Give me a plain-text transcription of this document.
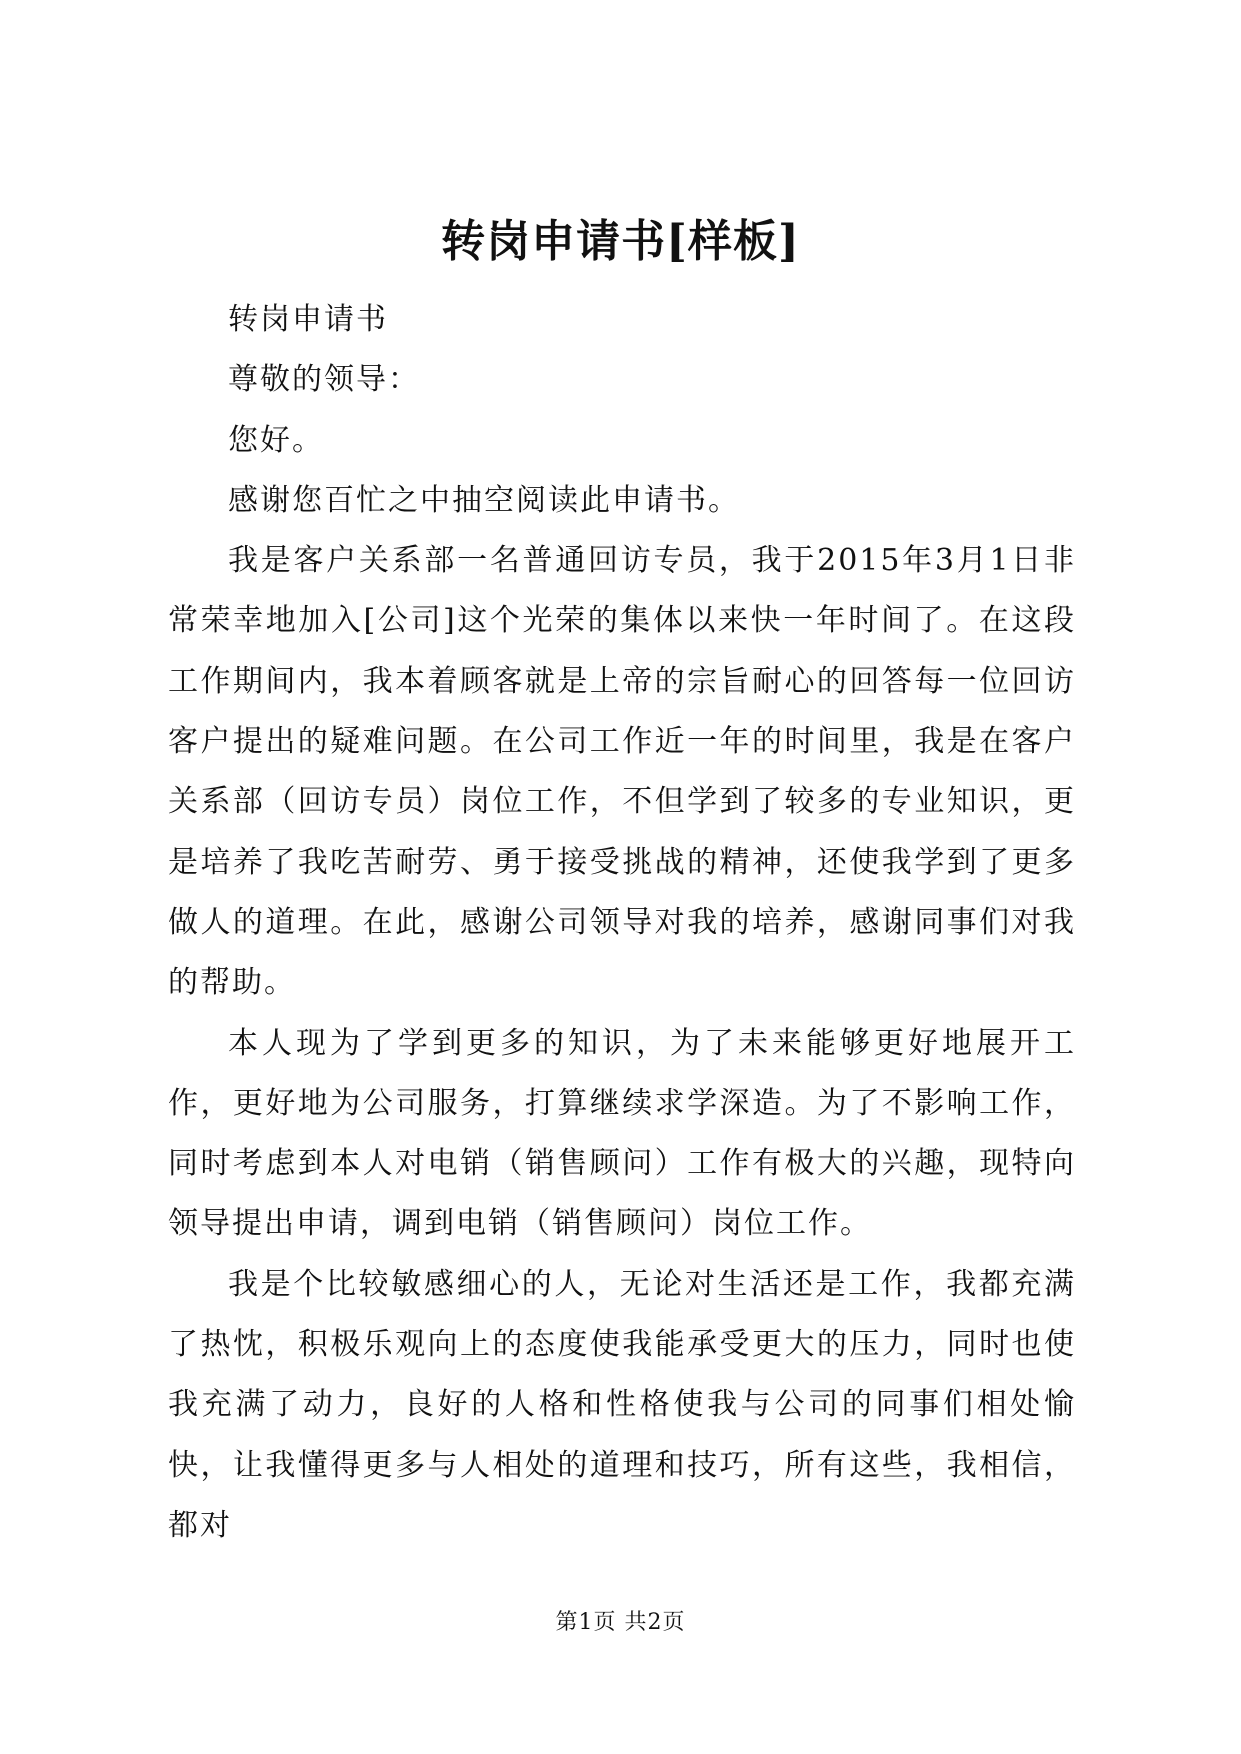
转岗申请书[样板]

转岗申请书

尊敬的领导：

您好。

感谢您百忙之中抽空阅读此申请书。

我是客户关系部一名普通回访专员，我于2015年3月1日非常荣幸地加入[公司]这个光荣的集体以来快一年时间了。在这段工作期间内，我本着顾客就是上帝的宗旨耐心的回答每一位回访客户提出的疑难问题。在公司工作近一年的时间里，我是在客户关系部（回访专员）岗位工作，不但学到了较多的专业知识，更是培养了我吃苦耐劳、勇于接受挑战的精神，还使我学到了更多做人的道理。在此，感谢公司领导对我的培养，感谢同事们对我的帮助。

本人现为了学到更多的知识，为了未来能够更好地展开工作，更好地为公司服务，打算继续求学深造。为了不影响工作，同时考虑到本人对电销（销售顾问）工作有极大的兴趣，现特向领导提出申请，调到电销（销售顾问）岗位工作。

我是个比较敏感细心的人，无论对生活还是工作，我都充满了热忱，积极乐观向上的态度使我能承受更大的压力，同时也使我充满了动力，良好的人格和性格使我与公司的同事们相处愉快，让我懂得更多与人相处的道理和技巧，所有这些，我相信，都对

第1页 共2页
